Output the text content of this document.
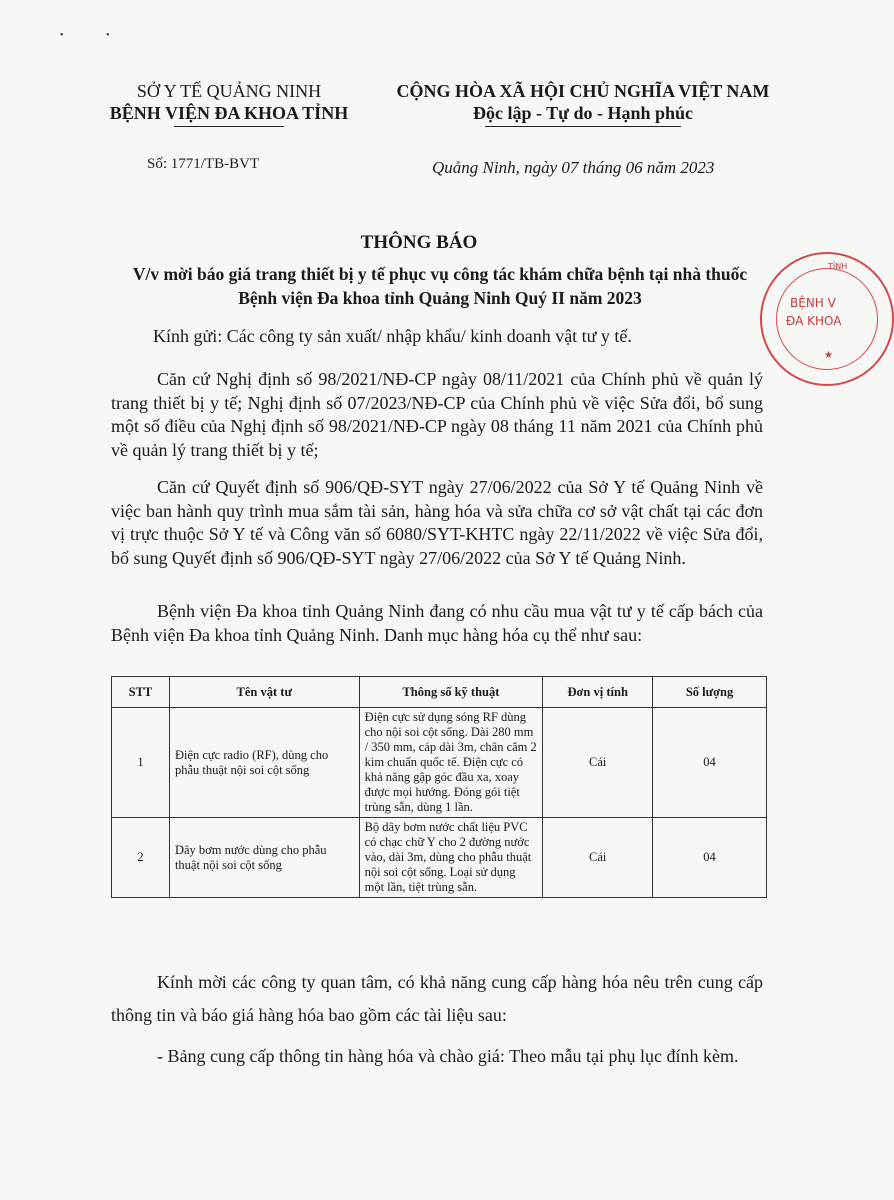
• •
SỞ Y TẾ QUẢNG NINH
BỆNH VIỆN ĐA KHOA TỈNH
CỘNG HÒA XÃ HỘI CHỦ NGHĨA VIỆT NAM
Độc lập - Tự do - Hạnh phúc
Số: 1771/TB-BVT	Quảng Ninh, ngày 07 tháng 06 năm 2023
THÔNG BÁO
V/v mời báo giá trang thiết bị y tế phục vụ công tác khám chữa bệnh tại nhà thuốc Bệnh viện Đa khoa tỉnh Quảng Ninh Quý II năm 2023
TỈNH
BỆNH V
ĐA KHOA
★
Kính gửi: Các công ty sản xuất/ nhập khẩu/ kinh doanh vật tư y tế.
Căn cứ Nghị định số 98/2021/NĐ-CP ngày 08/11/2021 của Chính phủ về quản lý trang thiết bị y tế; Nghị định số 07/2023/NĐ-CP của Chính phủ về việc Sửa đổi, bổ sung một số điều của Nghị định số 98/2021/NĐ-CP ngày 08 tháng 11 năm 2021 của Chính phủ về quản lý trang thiết bị y tế;
Căn cứ Quyết định số 906/QĐ-SYT ngày 27/06/2022 của Sở Y tế Quảng Ninh về việc ban hành quy trình mua sắm tài sản, hàng hóa và sửa chữa cơ sở vật chất tại các đơn vị trực thuộc Sở Y tế và Công văn số 6080/SYT-KHTC ngày 22/11/2022 về việc Sửa đổi, bổ sung Quyết định số 906/QĐ-SYT ngày 27/06/2022 của Sở Y tế Quảng Ninh.
Bệnh viện Đa khoa tỉnh Quảng Ninh đang có nhu cầu mua vật tư y tế cấp bách của Bệnh viện Đa khoa tỉnh Quảng Ninh. Danh mục hàng hóa cụ thể như sau:
STT	Tên vật tư	Thông số kỹ thuật	Đơn vị tính	Số lượng
1	Điện cực radio (RF), dùng cho phẫu thuật nội soi cột sống	Điện cực sử dụng sóng RF dùng cho nội soi cột sống. Dài 280 mm / 350 mm, cáp dài 3m, chân cắm 2 kim chuẩn quốc tế. Điện cực có khả năng gập góc đầu xa, xoay được mọi hướng. Đóng gói tiệt trùng sẵn, dùng 1 lần.	Cái	04
2	Dây bơm nước dùng cho phẫu thuật nội soi cột sống	Bộ dây bơm nước chất liệu PVC có chạc chữ Y cho 2 đường nước vào, dài 3m, dùng cho phẫu thuật nội soi cột sống. Loại sử dụng một lần, tiệt trùng sẵn.	Cái	04
Kính mời các công ty quan tâm, có khả năng cung cấp hàng hóa nêu trên cung cấp thông tin và báo giá hàng hóa bao gồm các tài liệu sau:
- Bảng cung cấp thông tin hàng hóa và chào giá: Theo mẫu tại phụ lục đính kèm.
